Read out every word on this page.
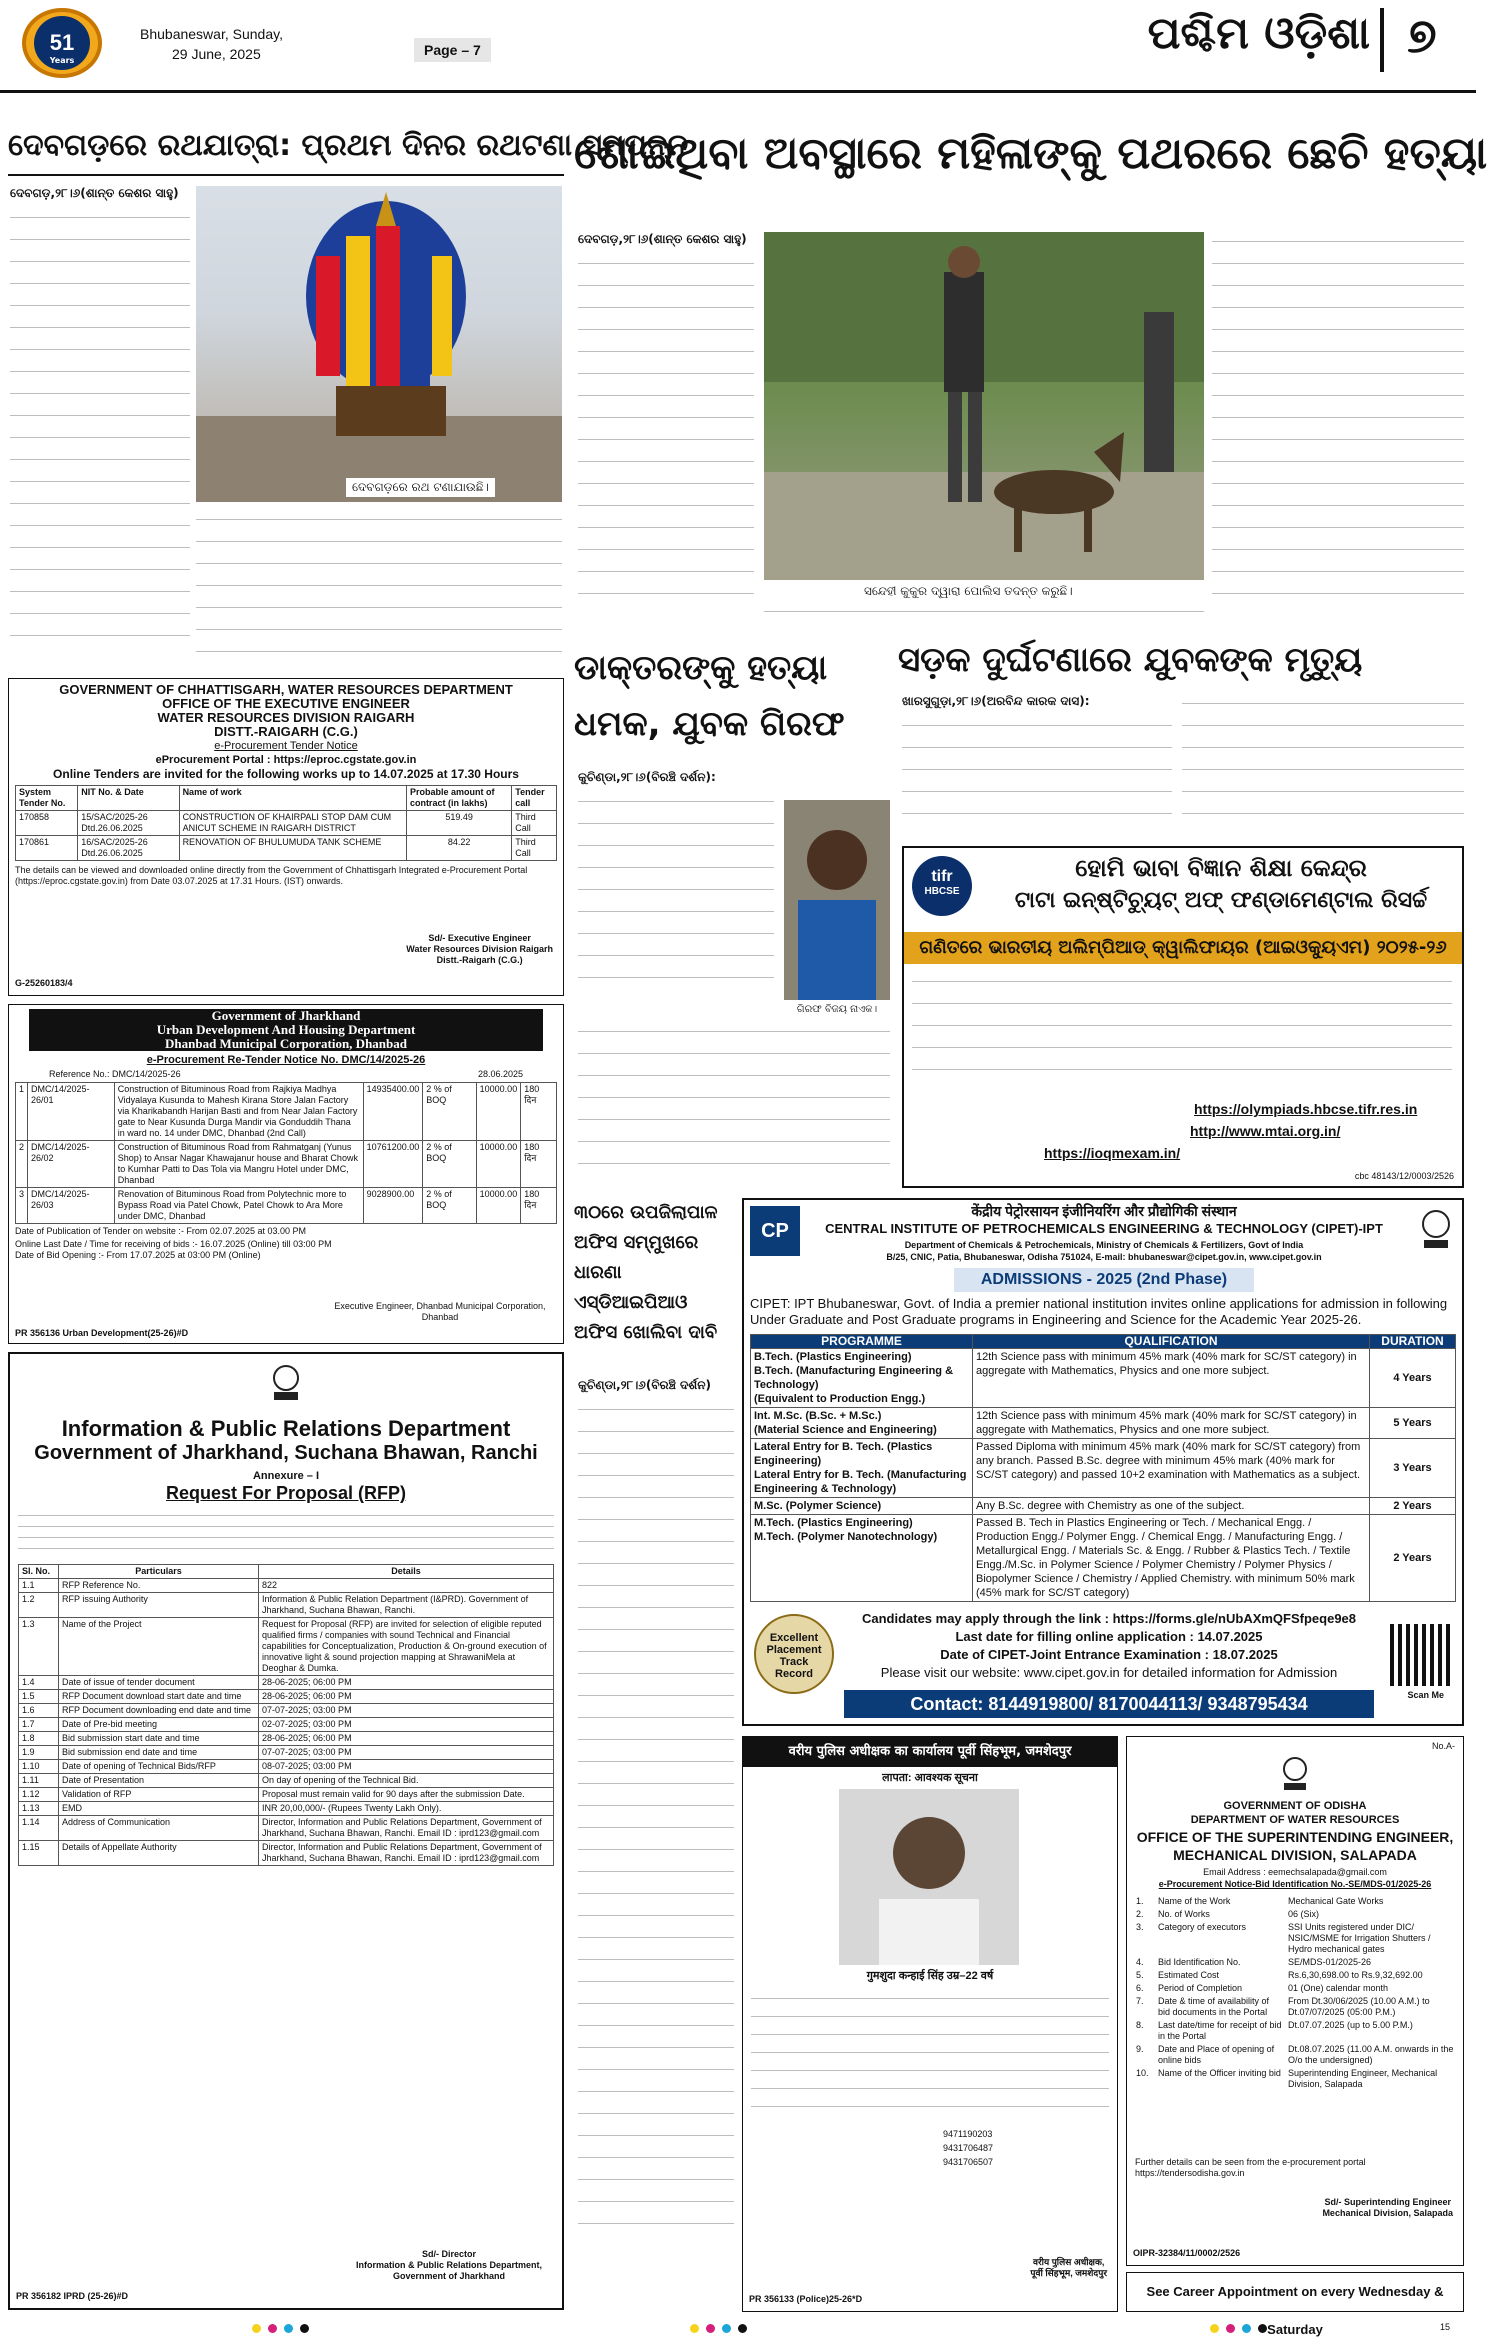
51
Years
Bhubaneswar, Sunday,
29 June, 2025	Page – 7	ପଶ୍ଚିମ ଓଡ଼ିଶା ୭
ଦେବଗଡ଼ରେ ରଥଯାତ୍ରା: ପ୍ରଥମ ଦିନର ରଥଟଣା ସମ୍ପନ୍ନ
ଦେବଗଡ଼,୨୮।୬(ଶାନ୍ତ କେଶର ସାହୁ)
ଦେବଗଡ଼ରେ ରଥ ଟଣାଯାଉଛି।
GOVERNMENT OF CHHATTISGARH, WATER RESOURCES DEPARTMENT
OFFICE OF THE EXECUTIVE ENGINEER
WATER RESOURCES DIVISION RAIGARH
DISTT.-RAIGARH (C.G.)
e-Procurement Tender Notice
eProcurement Portal : https://eproc.cgstate.gov.in
Online Tenders are invited for the following works up to 14.07.2025 at 17.30 Hours
System Tender No.	NIT No. & Date	Name of work	Probable amount of contract (in lakhs)	Tender call
170858	15/SAC/2025-26 Dtd.26.06.2025	CONSTRUCTION OF KHAIRPALI STOP DAM CUM ANICUT SCHEME IN RAIGARH DISTRICT	519.49	Third Call
170861	16/SAC/2025-26 Dtd.26.06.2025	RENOVATION OF BHULUMUDA TANK SCHEME	84.22	Third Call
The details can be viewed and downloaded online directly from the Government of Chhattisgarh Integrated e-Procurement Portal (https://eproc.cgstate.gov.in) from Date 03.07.2025 at 17.31 Hours. (IST) onwards.
Sd/- Executive Engineer
Water Resources Division Raigarh
Distt.-Raigarh (C.G.)
G-25260183/4
Government of Jharkhand
Urban Development And Housing Department
Dhanbad Municipal Corporation, Dhanbad
e-Procurement Re-Tender Notice No. DMC/14/2025-26
Reference No.: DMC/14/2025-26	28.06.2025
1	DMC/14/2025-26/01	Construction of Bituminous Road from Rajkiya Madhya Vidyalaya Kusunda to Mahesh Kirana Store Jalan Factory via Kharikabandh Harijan Basti and from Near Jalan Factory gate to Near Kusunda Durga Mandir via Gonduddih Thana in ward no. 14 under DMC, Dhanbad (2nd Call)	14935400.00	2 % of BOQ	10000.00	180 दिन
2	DMC/14/2025-26/02	Construction of Bituminous Road from Rahmatganj (Yunus Shop) to Ansar Nagar Khawajanur house and Bharat Chowk to Kumhar Patti to Das Tola via Mangru Hotel under DMC, Dhanbad	10761200.00	2 % of BOQ	10000.00	180 दिन
3	DMC/14/2025-26/03	Renovation of Bituminous Road from Polytechnic more to Bypass Road via Patel Chowk, Patel Chowk to Ara More under DMC, Dhanbad	9028900.00	2 % of BOQ	10000.00	180 दिन
Date of Publication of Tender on website :- From 02.07.2025 at 03.00 PM
Online Last Date / Time for receiving of bids :- 16.07.2025 (Online) till 03:00 PM
Date of Bid Opening :- From 17.07.2025 at 03:00 PM (Online)
Executive Engineer, Dhanbad Municipal Corporation, Dhanbad
PR 356136 Urban Development(25-26)#D
Information & Public Relations Department
Government of Jharkhand, Suchana Bhawan, Ranchi
Annexure – I
Request For Proposal (RFP)
Sl. No.	Particulars	Details
1.1	RFP Reference No.	822
1.2	RFP issuing Authority	Information & Public Relation Department (I&PRD). Government of Jharkhand, Suchana Bhawan, Ranchi.
1.3	Name of the Project	Request for Proposal (RFP) are invited for selection of eligible reputed qualified firms / companies with sound Technical and Financial capabilities for Conceptualization, Production & On-ground execution of innovative light & sound projection mapping at ShrawaniMela at Deoghar & Dumka.
1.4	Date of issue of tender document	28-06-2025; 06:00 PM
1.5	RFP Document download start date and time	28-06-2025; 06:00 PM
1.6	RFP Document downloading end date and time	07-07-2025; 03:00 PM
1.7	Date of Pre-bid meeting	02-07-2025; 03:00 PM
1.8	Bid submission start date and time	28-06-2025; 06:00 PM
1.9	Bid submission end date and time	07-07-2025; 03:00 PM
1.10	Date of opening of Technical Bids/RFP	08-07-2025; 03:00 PM
1.11	Date of Presentation	On day of opening of the Technical Bid.
1.12	Validation of RFP	Proposal must remain valid for 90 days after the submission Date.
1.13	EMD	INR 20,00,000/- (Rupees Twenty Lakh Only).
1.14	Address of Communication	Director, Information and Public Relations Department, Government of Jharkhand, Suchana Bhawan, Ranchi. Email ID : iprd123@gmail.com
1.15	Details of Appellate Authority	Director, Information and Public Relations Department, Government of Jharkhand, Suchana Bhawan, Ranchi. Email ID : iprd123@gmail.com
Sd/- Director
Information & Public Relations Department,
Government of Jharkhand
PR 356182 IPRD (25-26)#D
ଶୋଇଥିବା ଅବସ୍ଥାରେ ମହିଳାଙ୍କୁ ପଥରରେ ଛେଚି ହତ୍ୟା
ଦେବଗଡ଼,୨୮।୬(ଶାନ୍ତ କେଶର ସାହୁ)
ସନ୍ଦେହୀ କୁକୁର ଦ୍ୱାରା ପୋଲିସ ତଦନ୍ତ କରୁଛି।
ଡାକ୍ତରଙ୍କୁ ହତ୍ୟା
ଧମକ, ଯୁବକ ଗିରଫ
କୁଚିଣ୍ଡା,୨୮।୬(ବିରଞ୍ଚି ଦର୍ଶନ):
ଗିରଫ ବିଜୟ ନାଏକ।
ସଡ଼କ ଦୁର୍ଘଟଣାରେ ଯୁବକଙ୍କ ମୃତ୍ୟୁ
ଖାରସୁଗୁଡ଼ା,୨୮।୬(ଅରବିନ୍ଦ କାରକ ଦାସ):
tifr
HBCSE
ହୋମି ଭାବା ବିଜ୍ଞାନ ଶିକ୍ଷା କେନ୍ଦ୍ର
ଟାଟା ଇନ୍‌ଷ୍ଟିଚ୍ୟୁଟ୍ ଅଫ୍ ଫଣ୍ଡାମେଣ୍ଟାଲ ରିସର୍ଚ୍ଚ
ଗଣିତରେ ଭାରତୀୟ ଅଲିମ୍ପିଆଡ୍ କ୍ୱାଲିଫାୟର (ଆଇଓକ୍ୟୁଏମ) ୨୦୨୫-୨୬
https://olympiads.hbcse.tifr.res.in
http://www.mtai.org.in/
https://ioqmexam.in/
cbc 48143/12/0003/2526
୩୦ରେ ଉପଜିଲାପାଳ
ଅଫିସ ସମ୍ମୁଖରେ ଧାରଣା
ଏସ୍‌ଡିଆଇପିଆଓ
ଅଫିସ ଖୋଲିବା ଦାବି
କୁଚିଣ୍ଡା,୨୮।୬(ବିରଞ୍ଚି ଦର୍ଶନ)
CP
केंद्रीय पेट्रोरसायन इंजीनियरिंग और प्रौद्योगिकी संस्थान
CENTRAL INSTITUTE OF PETROCHEMICALS ENGINEERING & TECHNOLOGY (CIPET)-IPT
Department of Chemicals & Petrochemicals, Ministry of Chemicals & Fertilizers, Govt of India
B/25, CNIC, Patia, Bhubaneswar, Odisha 751024, E-mail: bhubaneswar@cipet.gov.in, www.cipet.gov.in
ADMISSIONS - 2025 (2nd Phase)
CIPET: IPT Bhubaneswar, Govt. of India a premier national institution invites online applications for admission in following Under Graduate and Post Graduate programs in Engineering and Science for the Academic Year 2025-26.
PROGRAMME	QUALIFICATION	DURATION
B.Tech. (Plastics Engineering)
B.Tech. (Manufacturing Engineering & Technology)
(Equivalent to Production Engg.)	12th Science pass with minimum 45% mark (40% mark for SC/ST category) in aggregate with Mathematics, Physics and one more subject.	4 Years
Int. M.Sc. (B.Sc. + M.Sc.)
(Material Science and Engineering)	12th Science pass with minimum 45% mark (40% mark for SC/ST category) in aggregate with Mathematics, Physics and one more subject.	5 Years
Lateral Entry for B. Tech. (Plastics Engineering)
Lateral Entry for B. Tech. (Manufacturing Engineering & Technology)	Passed Diploma with minimum 45% mark (40% mark for SC/ST category) from any branch. Passed B.Sc. degree with minimum 45% mark (40% mark for SC/ST category) and passed 10+2 examination with Mathematics as a subject.	3 Years
M.Sc. (Polymer Science)	Any B.Sc. degree with Chemistry as one of the subject.	2 Years
M.Tech. (Plastics Engineering)
M.Tech. (Polymer Nanotechnology)	Passed B. Tech in Plastics Engineering or Tech. / Mechanical Engg. / Production Engg./ Polymer Engg. / Chemical Engg. / Manufacturing Engg. / Metallurgical Engg. / Materials Sc. & Engg. / Rubber & Plastics Tech. / Textile Engg./M.Sc. in Polymer Science / Polymer Chemistry / Polymer Physics / Biopolymer Science / Chemistry / Applied Chemistry. with minimum 50% mark (45% mark for SC/ST category)	2 Years
Excellent
Placement
Track
Record
Candidates may apply through the link : https://forms.gle/nUbAXmQFSfpeqe9e8
Last date for filling online application : 14.07.2025
Date of CIPET-Joint Entrance Examination : 18.07.2025
Please visit our website: www.cipet.gov.in for detailed information for Admission
Contact: 8144919800/ 8170044113/ 9348795434	Scan Me
वरीय पुलिस अधीक्षक का कार्यालय पूर्वी सिंहभूम, जमशेदपुर
लापता: आवश्यक सूचना
गुमशुदा कन्हाई सिंह उम्र–22 वर्ष
9471190203
9431706487
9431706507
वरीय पुलिस अधीक्षक,
पूर्वी सिंहभूम, जमशेदपुर
PR 356133 (Police)25-26*D
No.A-
GOVERNMENT OF ODISHA
DEPARTMENT OF WATER RESOURCES
OFFICE OF THE SUPERINTENDING ENGINEER,
MECHANICAL DIVISION, SALAPADA
Email Address : eemechsalapada@gmail.com
e-Procurement Notice-Bid Identification No.-SE/MDS-01/2025-26
1.	Name of the Work	Mechanical Gate Works
2.	No. of Works	06 (Six)
3.	Category of executors	SSI Units registered under DIC/ NSIC/MSME for Irrigation Shutters / Hydro mechanical gates
4.	Bid Identification No.	SE/MDS-01/2025-26
5.	Estimated Cost	Rs.6,30,698.00 to Rs.9,32,692.00
6.	Period of Completion	01 (One) calendar month
7.	Date & time of availability of bid documents in the Portal	From Dt.30/06/2025 (10.00 A.M.) to Dt.07/07/2025 (05:00 P.M.)
8.	Last date/time for receipt of bid in the Portal	Dt.07.07.2025 (up to 5.00 P.M.)
9.	Date and Place of opening of online bids	Dt.08.07.2025 (11.00 A.M. onwards in the O/o the undersigned)
10.	Name of the Officer inviting bid	Superintending Engineer, Mechanical Division, Salapada
Further details can be seen from the e-procurement portal https://tendersodisha.gov.in
Sd/- Superintending Engineer
Mechanical Division, Salapada
OIPR-32384/11/0002/2526
See Career Appointment on every Wednesday & Saturday	15
